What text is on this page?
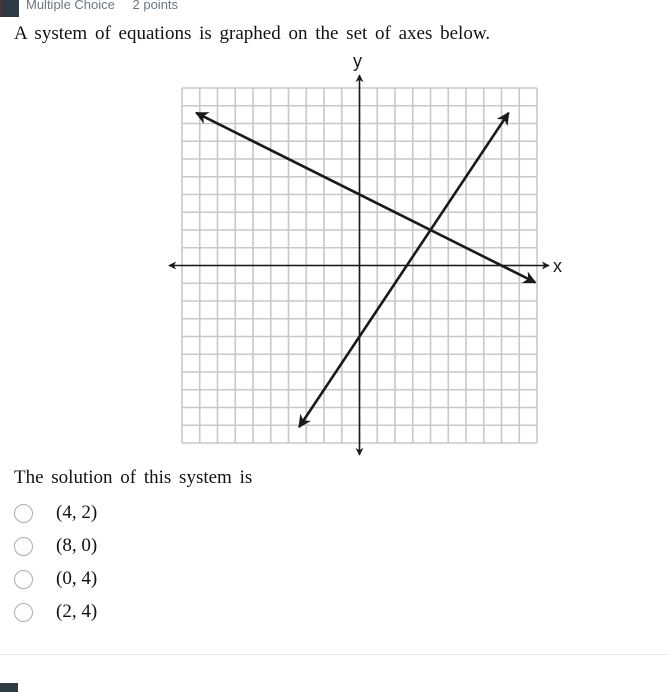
Multiple Choice 2 points
A system of equations is graphed on the set of axes below.
x
y
The solution of this system is
(4, 2)
(8, 0)
(0, 4)
(2, 4)
